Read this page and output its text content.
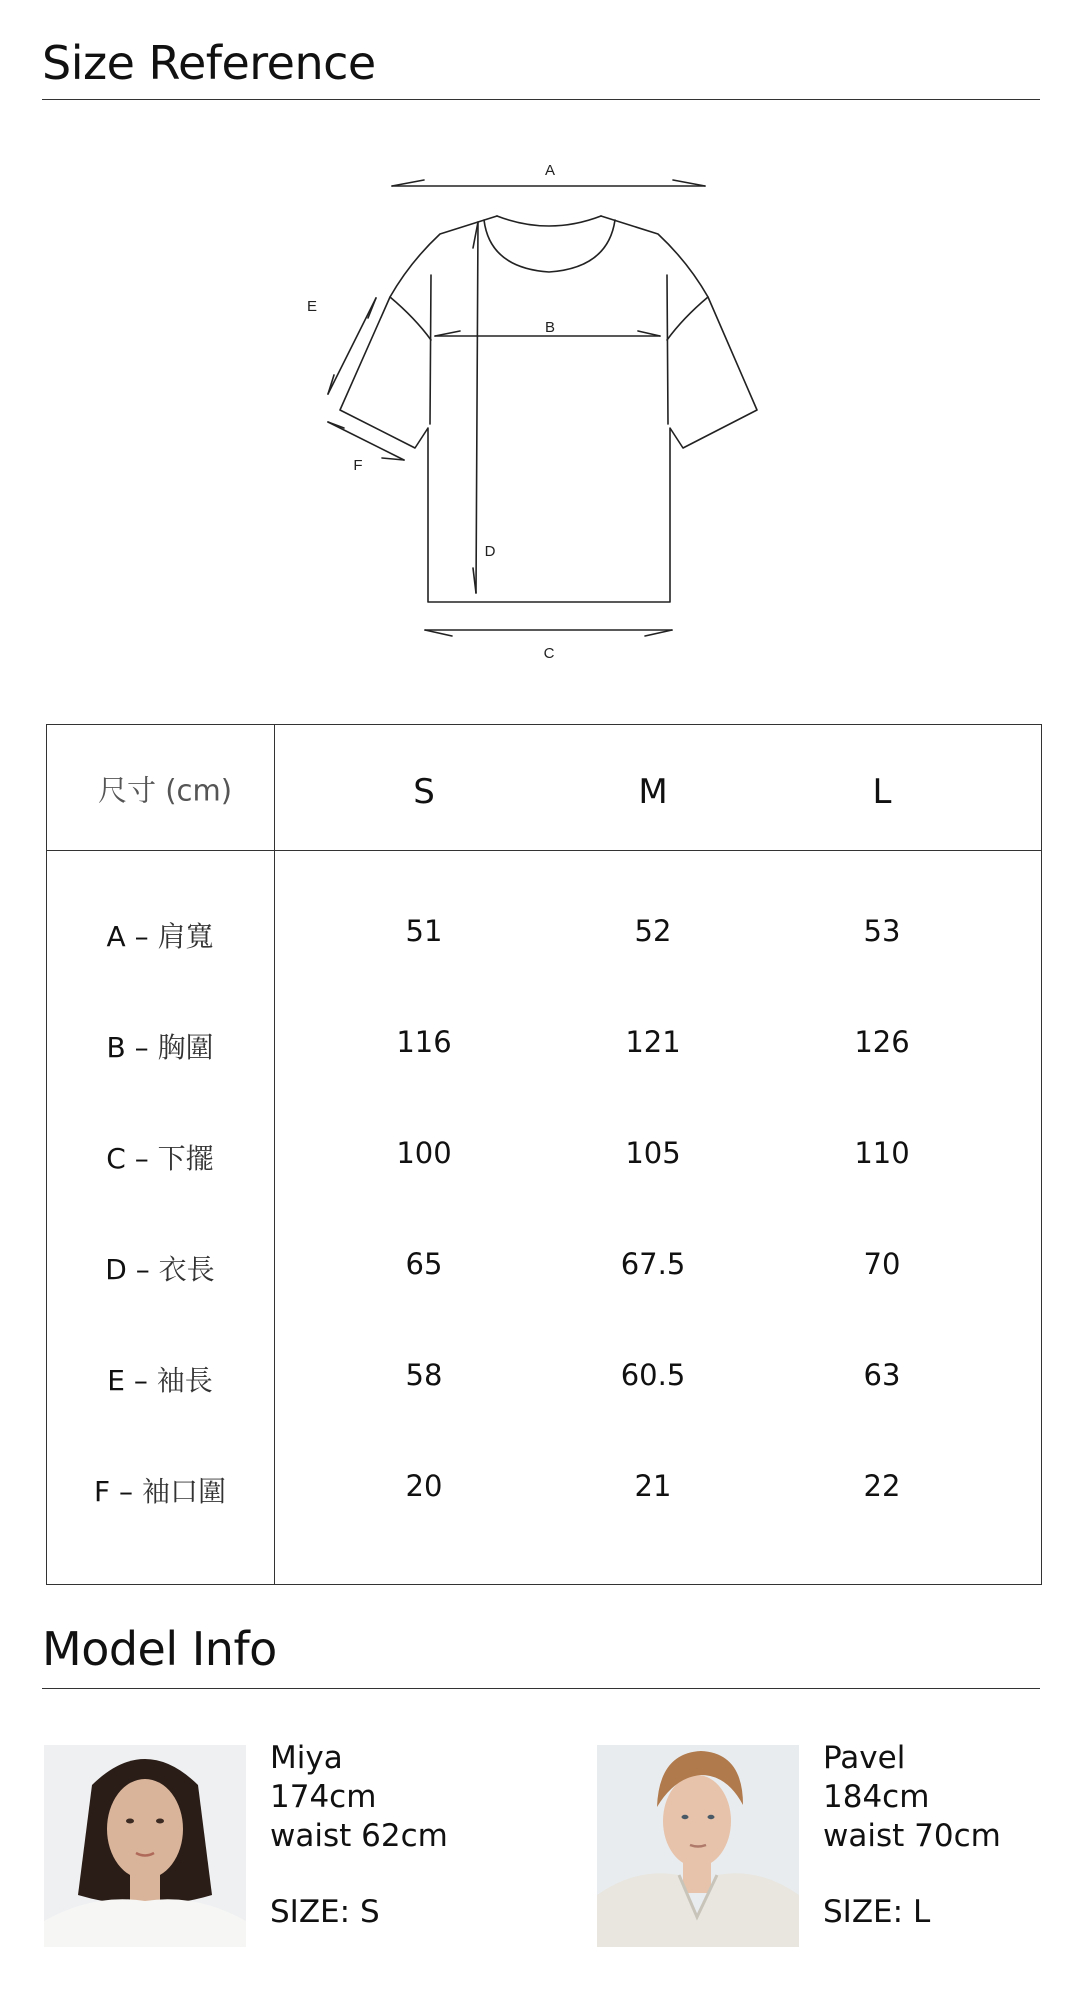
Size Reference
A
B
C
D
E
F
尺寸 (cm)	S	M	L
A – 肩寬	51	52	53
B – 胸圍	116	121	126
C – 下擺	100	105	110
D – 衣長	65	67.5	70
E – 袖長	58	60.5	63
F – 袖口圍	20	21	22
Model Info
Miya
174cm
waist 62cm
SIZE: S
Pavel
184cm
waist 70cm
SIZE: L
